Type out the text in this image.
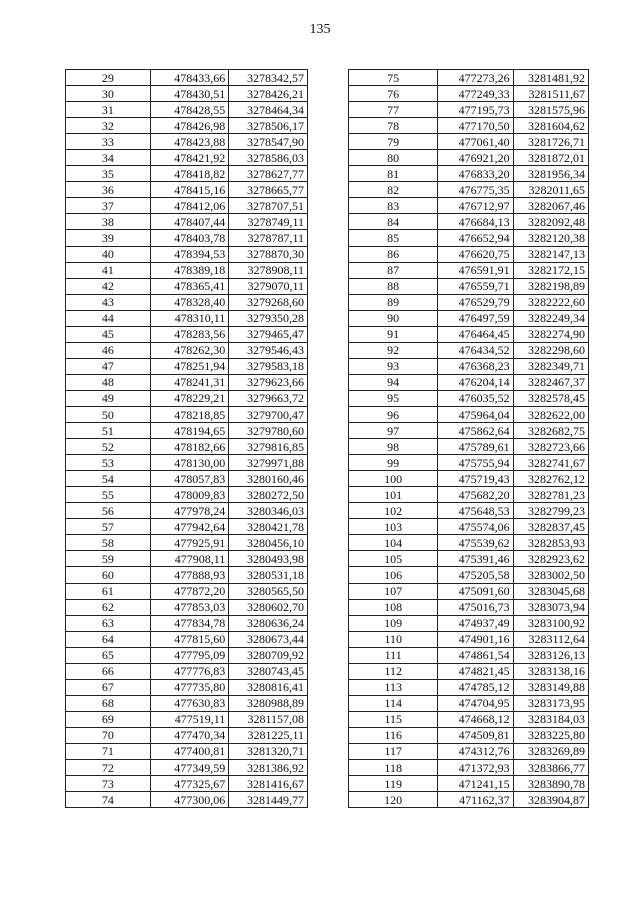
135
29	478433,66	3278342,57
30	478430,51	3278426,21
31	478428,55	3278464,34
32	478426,98	3278506,17
33	478423,88	3278547,90
34	478421,92	3278586,03
35	478418,82	3278627,77
36	478415,16	3278665,77
37	478412,06	3278707,51
38	478407,44	3278749,11
39	478403,78	3278787,11
40	478394,53	3278870,30
41	478389,18	3278908,11
42	478365,41	3279070,11
43	478328,40	3279268,60
44	478310,11	3279350,28
45	478283,56	3279465,47
46	478262,30	3279546,43
47	478251,94	3279583,18
48	478241,31	3279623,66
49	478229,21	3279663,72
50	478218,85	3279700,47
51	478194,65	3279780,60
52	478182,66	3279816,85
53	478130,00	3279971,88
54	478057,83	3280160,46
55	478009,83	3280272,50
56	477978,24	3280346,03
57	477942,64	3280421,78
58	477925,91	3280456,10
59	477908,11	3280493,98
60	477888,93	3280531,18
61	477872,20	3280565,50
62	477853,03	3280602,70
63	477834,78	3280636,24
64	477815,60	3280673,44
65	477795,09	3280709,92
66	477776,83	3280743,45
67	477735,80	3280816,41
68	477630,83	3280988,89
69	477519,11	3281157,08
70	477470,34	3281225,11
71	477400,81	3281320,71
72	477349,59	3281386,92
73	477325,67	3281416,67
74	477300,06	3281449,77
75	477273,26	3281481,92
76	477249,33	3281511,67
77	477195,73	3281575,96
78	477170,50	3281604,62
79	477061,40	3281726,71
80	476921,20	3281872,01
81	476833,20	3281956,34
82	476775,35	3282011,65
83	476712,97	3282067,46
84	476684,13	3282092,48
85	476652,94	3282120,38
86	476620,75	3282147,13
87	476591,91	3282172,15
88	476559,71	3282198,89
89	476529,79	3282222,60
90	476497,59	3282249,34
91	476464,45	3282274,90
92	476434,52	3282298,60
93	476368,23	3282349,71
94	476204,14	3282467,37
95	476035,52	3282578,45
96	475964,04	3282622,00
97	475862,64	3282682,75
98	475789,61	3282723,66
99	475755,94	3282741,67
100	475719,43	3282762,12
101	475682,20	3282781,23
102	475648,53	3282799,23
103	475574,06	3282837,45
104	475539,62	3282853,93
105	475391,46	3282923,62
106	475205,58	3283002,50
107	475091,60	3283045,68
108	475016,73	3283073,94
109	474937,49	3283100,92
110	474901,16	3283112,64
111	474861,54	3283126,13
112	474821,45	3283138,16
113	474785,12	3283149,88
114	474704,95	3283173,95
115	474668,12	3283184,03
116	474509,81	3283225,80
117	474312,76	3283269,89
118	471372,93	3283866,77
119	471241,15	3283890,78
120	471162,37	3283904,87
